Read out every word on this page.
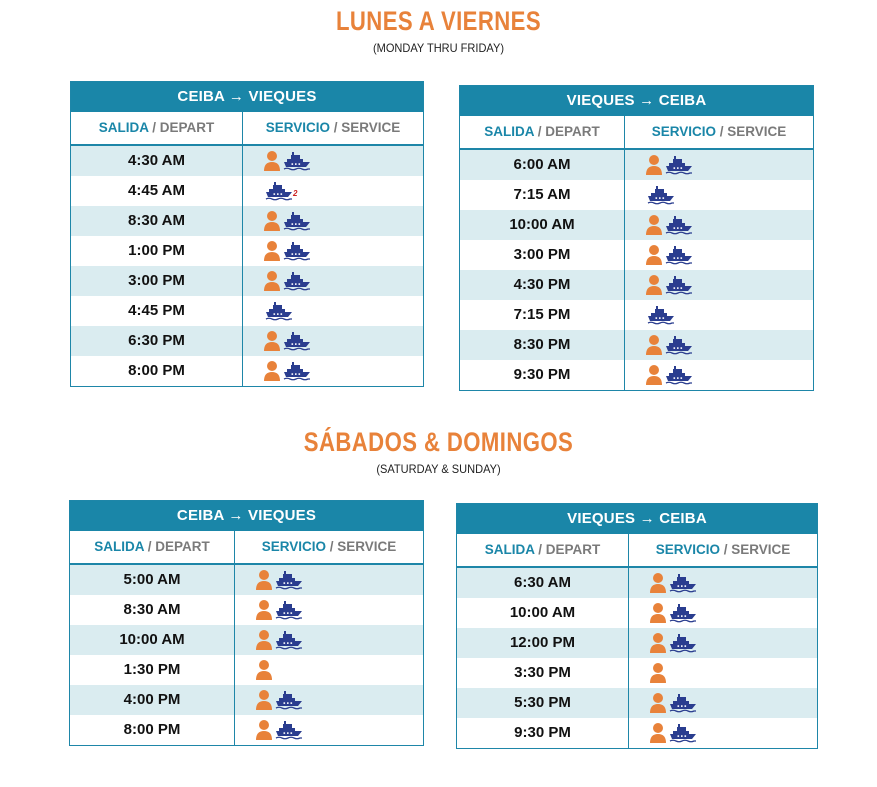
LUNES A VIERNES
(MONDAY THRU FRIDAY)
CEIBA → VIEQUES	
SALIDA / DEPART	SERVICIO / SERVICE
4:30 AM	

4:45 AM	2

8:30 AM	

1:00 PM	

3:00 PM	

4:45 PM	

6:30 PM	

8:00 PM	
VIEQUES → CEIBA	
SALIDA / DEPART	SERVICIO / SERVICE
6:00 AM	

7:15 AM	

10:00 AM	

3:00 PM	

4:30 PM	

7:15 PM	

8:30 PM	

9:30 PM	
SÁBADOS & DOMINGOS
(SATURDAY & SUNDAY)
CEIBA → VIEQUES	
SALIDA / DEPART	SERVICIO / SERVICE
5:00 AM	

8:30 AM	

10:00 AM	

1:30 PM	

4:00 PM	

8:00 PM	
VIEQUES → CEIBA	
SALIDA / DEPART	SERVICIO / SERVICE
6:30 AM	

10:00 AM	

12:00 PM	

3:30 PM	

5:30 PM	

9:30 PM	
